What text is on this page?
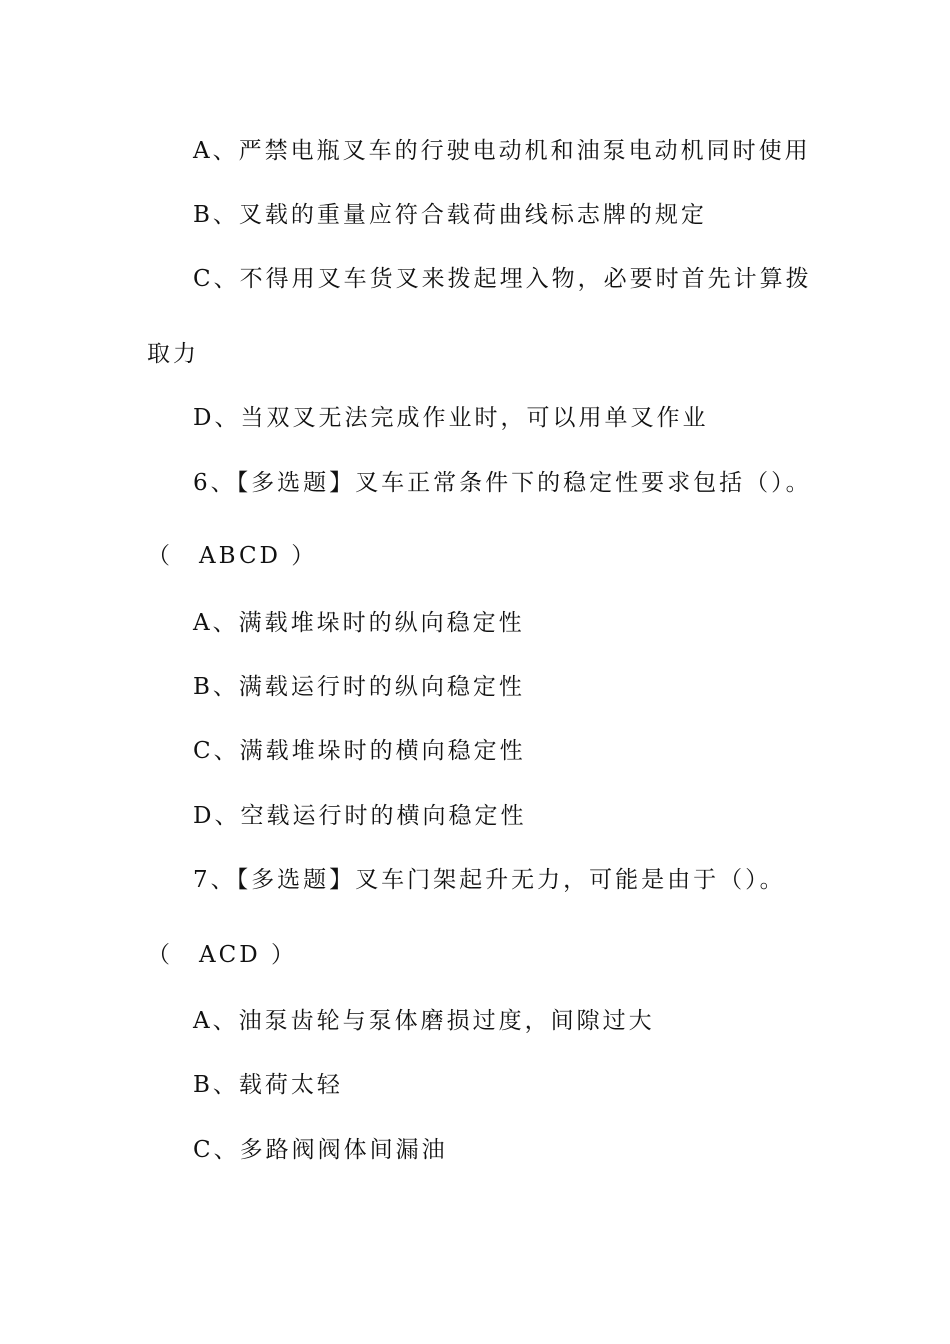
A、严禁电瓶叉车的行驶电动机和油泵电动机同时使用
B、叉载的重量应符合载荷曲线标志牌的规定
C、不得用叉车货叉来拨起埋入物，必要时首先计算拨
取力
D、当双叉无法完成作业时，可以用单叉作业
6、【多选题】叉车正常条件下的稳定性要求包括（）。
（　ABCD ）
A、满载堆垛时的纵向稳定性
B、满载运行时的纵向稳定性
C、满载堆垛时的横向稳定性
D、空载运行时的横向稳定性
7、【多选题】叉车门架起升无力，可能是由于（）。
（　ACD ）
A、油泵齿轮与泵体磨损过度，间隙过大
B、载荷太轻
C、多路阀阀体间漏油
